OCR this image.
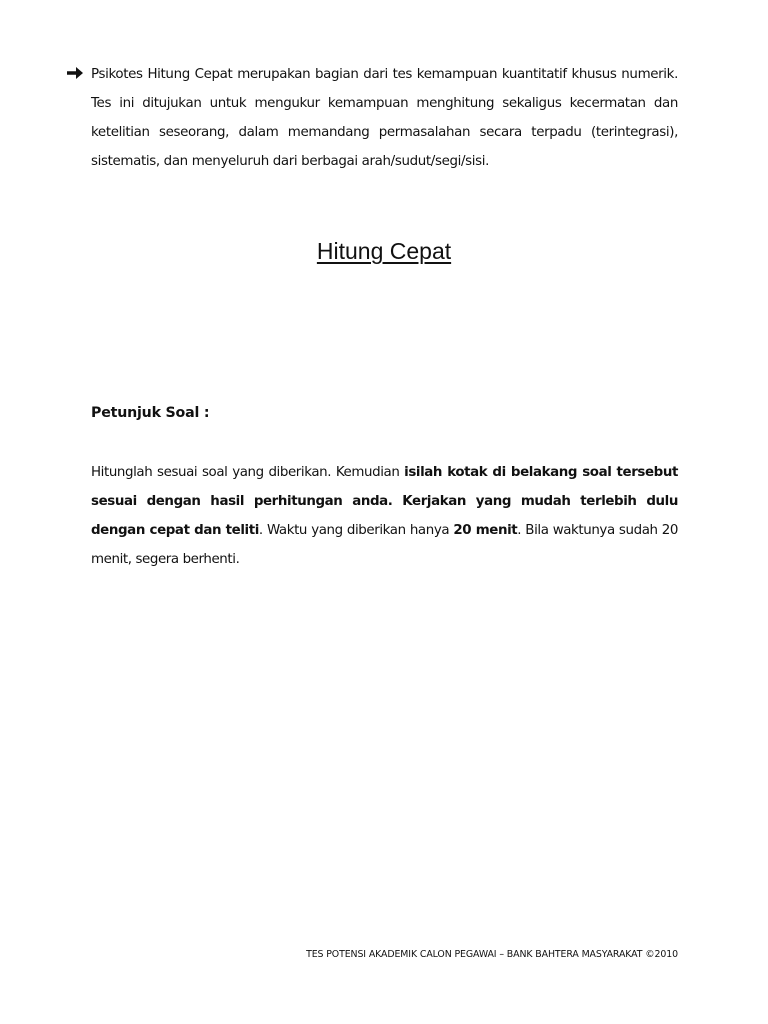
Psikotes Hitung Cepat merupakan bagian dari tes kemampuan kuantitatif khusus numerik. Tes ini ditujukan untuk mengukur kemampuan menghitung sekaligus kecermatan dan ketelitian seseorang, dalam memandang permasalahan secara terpadu (terintegrasi), sistematis, dan menyeluruh dari berbagai arah/sudut/segi/sisi.

Hitung Cepat
Petunjuk Soal :

Hitunglah sesuai soal yang diberikan. Kemudian isilah kotak di belakang soal tersebut sesuai dengan hasil perhitungan anda. Kerjakan yang mudah terlebih dulu dengan cepat dan teliti. Waktu yang diberikan hanya 20 menit. Bila waktunya sudah 20 menit, segera berhenti.

TES POTENSI AKADEMIK CALON PEGAWAI – BANK BAHTERA MASYARAKAT ©2010
